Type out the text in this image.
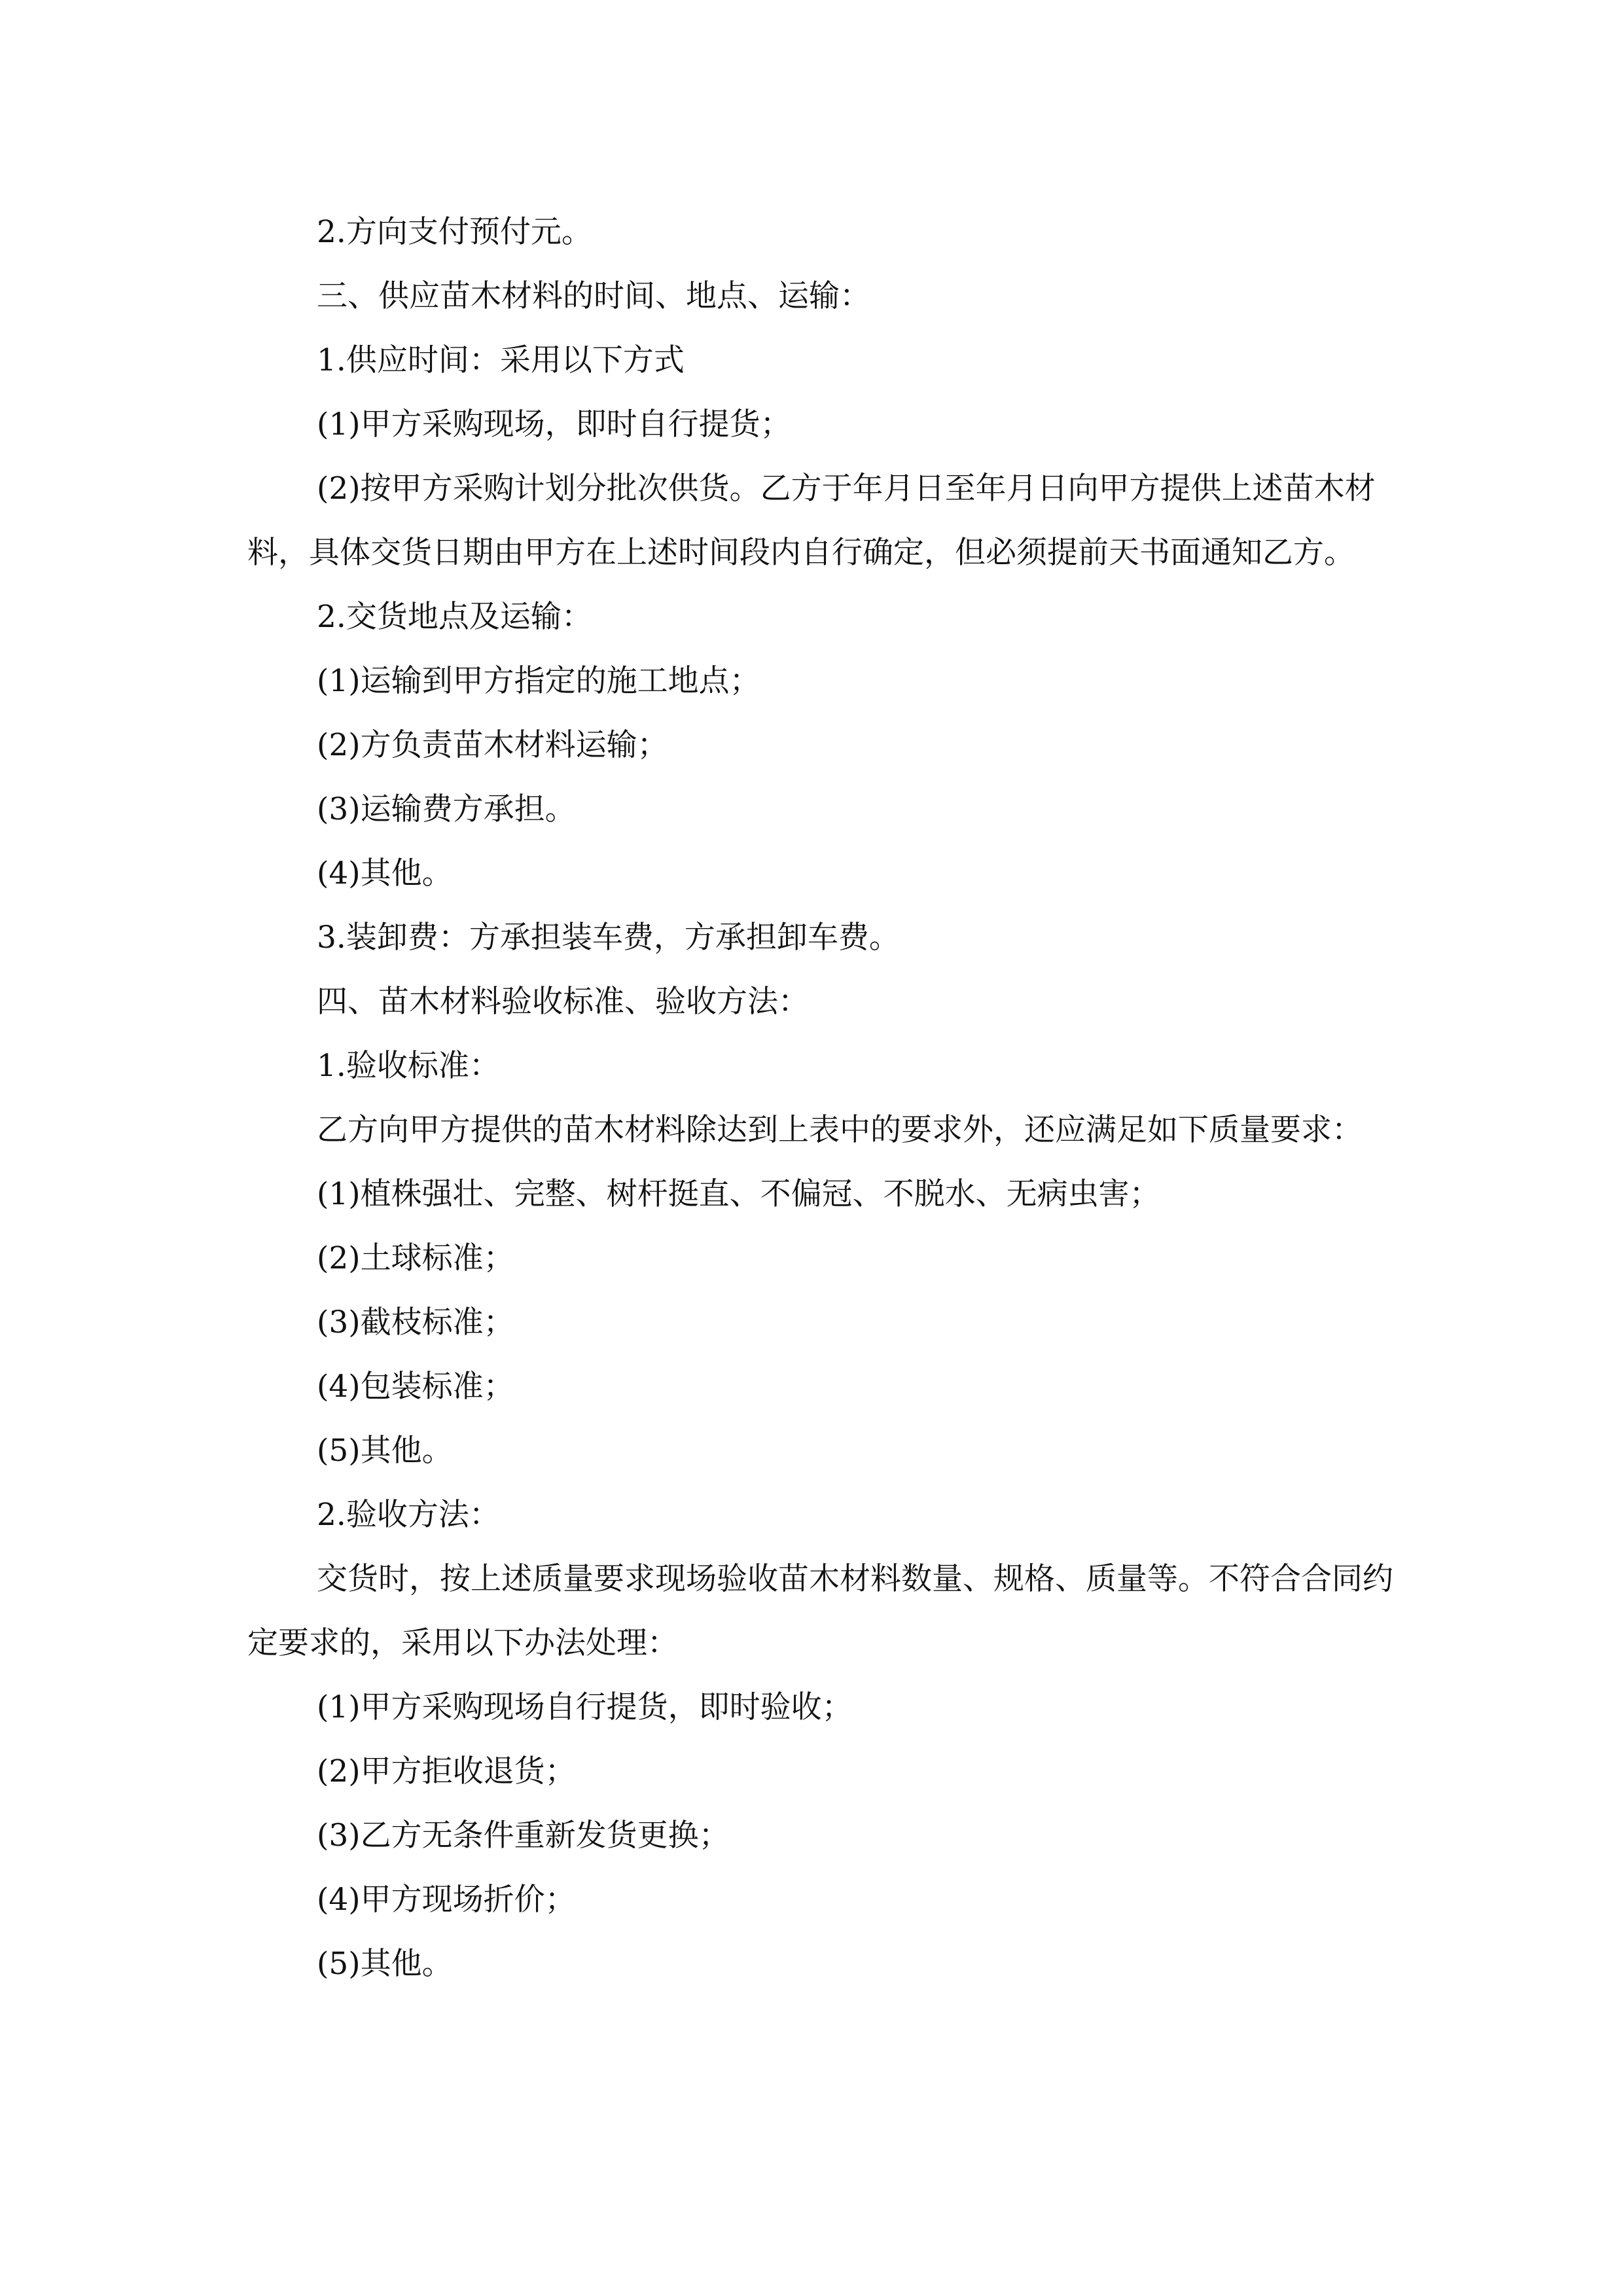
2.方向支付预付元。

三、供应苗木材料的时间、地点、运输：

1.供应时间：采用以下方式

(1)甲方采购现场，即时自行提货；

(2)按甲方采购计划分批次供货。乙方于年月日至年月日向甲方提供上述苗木材料，具体交货日期由甲方在上述时间段内自行确定，但必须提前天书面通知乙方。

2.交货地点及运输：

(1)运输到甲方指定的施工地点；

(2)方负责苗木材料运输；

(3)运输费方承担。

(4)其他。

3.装卸费：方承担装车费，方承担卸车费。

四、苗木材料验收标准、验收方法：

1.验收标准：

乙方向甲方提供的苗木材料除达到上表中的要求外，还应满足如下质量要求：

(1)植株强壮、完整、树杆挺直、不偏冠、不脱水、无病虫害；

(2)土球标准；

(3)截枝标准；

(4)包装标准；

(5)其他。

2.验收方法：

交货时，按上述质量要求现场验收苗木材料数量、规格、质量等。不符合合同约定要求的，采用以下办法处理：

(1)甲方采购现场自行提货，即时验收；

(2)甲方拒收退货；

(3)乙方无条件重新发货更换；

(4)甲方现场折价；

(5)其他。
